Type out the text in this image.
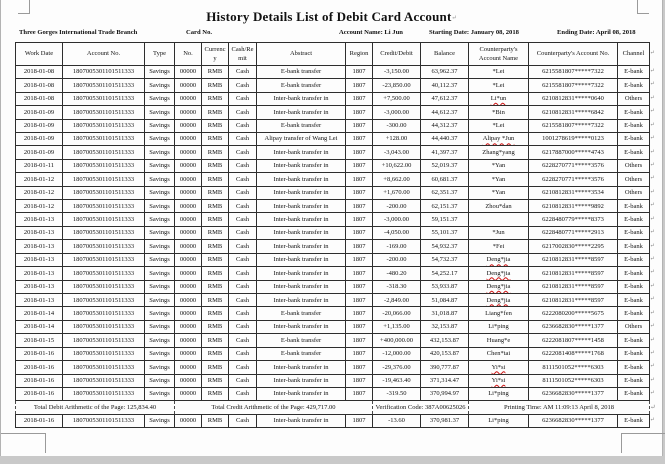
History Details List of Debit Card Account↵
Three Gorges International Trade Branch	Card No.	Account Name: Li Jun	Starting Date: January 08, 2018	Ending Date: April 08, 2018
Work Date	Account No.	Type	No.	Currency	Cash/Remit	Abstract	Region	Credit/Debit	Balance	Counterparty's Account Name	Counterparty's Account No.	Channel	↵
2018-01-08	1807005301101511333	Savings	00000	RMB	Cash	E-bank transfer	1807	-3,150.00	63,962.37	*Lei	6215581807*****7322	E-bank	↵
2018-01-08	1807005301101511333	Savings	00000	RMB	Cash	E-bank transfer	1807	-23,850.00	40,112.37	*Lei	6215581807*****7322	E-bank	↵
2018-01-08	1807005301101511333	Savings	00000	RMB	Cash	Inter-bank transfer in	1807	+7,500.00	47,612.37	Li*un	6210812831*****0640	Others	↵
2018-01-09	1807005301101511333	Savings	00000	RMB	Cash	Inter-bank transfer in	1807	-3,000.00	44,612.37	*Bin	6210812831*****6842	E-bank	↵
2018-01-09	1807005301101511333	Savings	00000	RMB	Cash	E-bank transfer	1807	-300.00	44,312.37	*Lei	6215581807*****7322	E-bank	↵
2018-01-09	1807005301101511333	Savings	00000	RMB	Cash	Alipay transfer of Wang Lei	1807	+128.00	44,440.37	Alipay *Jun	1001278619*****0123	E-bank	↵
2018-01-09	1807005301101511333	Savings	00000	RMB	Cash	Inter-bank transfer in	1807	-3,043.00	41,397.37	Zhang*yang	6217887000*****4743	E-bank	↵
2018-01-11	1807005301101511333	Savings	00000	RMB	Cash	Inter-bank transfer in	1807	+10,622.00	52,019.37	*Yan	6228270771*****3576	Others	↵
2018-01-12	1807005301101511333	Savings	00000	RMB	Cash	Inter-bank transfer in	1807	+8,662.00	60,681.37	*Yan	6228270771*****3576	Others	↵
2018-01-12	1807005301101511333	Savings	00000	RMB	Cash	Inter-bank transfer in	1807	+1,670.00	62,351.37	*Yan	6210812831*****3534	Others	↵
2018-01-12	1807005301101511333	Savings	00000	RMB	Cash	Inter-bank transfer in	1807	-200.00	62,151.37	Zhou*dan	6210812831*****9892	E-bank	↵
2018-01-13	1807005301101511333	Savings	00000	RMB	Cash	Inter-bank transfer in	1807	-3,000.00	59,151.37		6228480779*****8373	E-bank	↵
2018-01-13	1807005301101511333	Savings	00000	RMB	Cash	Inter-bank transfer in	1807	-4,050.00	55,101.37	*Jun	6228480771*****2913	E-bank	↵
2018-01-13	1807005301101511333	Savings	00000	RMB	Cash	Inter-bank transfer in	1807	-169.00	54,932.37	*Fei	6217002830*****2295	E-bank	↵
2018-01-13	1807005301101511333	Savings	00000	RMB	Cash	Inter-bank transfer in	1807	-200.00	54,732.37	Deng*jia	6210812831*****8597	E-bank	↵
2018-01-13	1807005301101511333	Savings	00000	RMB	Cash	Inter-bank transfer in	1807	-480.20	54,252.17	Deng*jia	6210812831*****8597	E-bank	↵
2018-01-13	1807005301101511333	Savings	00000	RMB	Cash	Inter-bank transfer in	1807	-318.30	53,933.87	Deng*jia	6210812831*****8597	E-bank	↵
2018-01-13	1807005301101511333	Savings	00000	RMB	Cash	Inter-bank transfer in	1807	-2,849.00	51,084.87	Deng*jia	6210812831*****8597	E-bank	↵
2018-01-14	1807005301101511333	Savings	00000	RMB	Cash	E-bank transfer	1807	-20,066.00	31,018.87	Liang*fen	6222080200*****5675	E-bank	↵
2018-01-14	1807005301101511333	Savings	00000	RMB	Cash	Inter-bank transfer in	1807	+1,135.00	32,153.87	Li*ping	6236682830*****1377	Others	↵
2018-01-15	1807005301101511333	Savings	00000	RMB	Cash	E-bank transfer	1807	+400,000.00	432,153.87	Huang*e	6222081807*****1458	E-bank	↵
2018-01-16	1807005301101511333	Savings	00000	RMB	Cash	E-bank transfer	1807	-12,000.00	420,153.87	Chen*tai	6222081408*****1768	E-bank	↵
2018-01-16	1807005301101511333	Savings	00000	RMB	Cash	Inter-bank transfer in	1807	-29,376.00	390,777.87	Yi*si	8111501052*****6303	E-bank	↵
2018-01-16	1807005301101511333	Savings	00000	RMB	Cash	Inter-bank transfer in	1807	-19,463.40	371,314.47	Yi*si	8111501052*****6303	E-bank	↵
2018-01-16	1807005301101511333	Savings	00000	RMB	Cash	Inter-bank transfer in	1807	-319.50	370,994.97	Li*ping	6236682830*****1377	E-bank	↵
Total Debit Arithmetic of the Page: 125,834.40			Total Credit Arithmetic of the Page: 429,717.00					Verification Code: 387A00625026		Printing Time: AM 11:09:13 April 8, 2018			↵
2018-01-16	1807005301101511333	Savings	00000	RMB	Cash	Inter-bank transfer in	1807	-13.60	370,981.37	Li*ping	6236682830*****1377	E-bank	↵
